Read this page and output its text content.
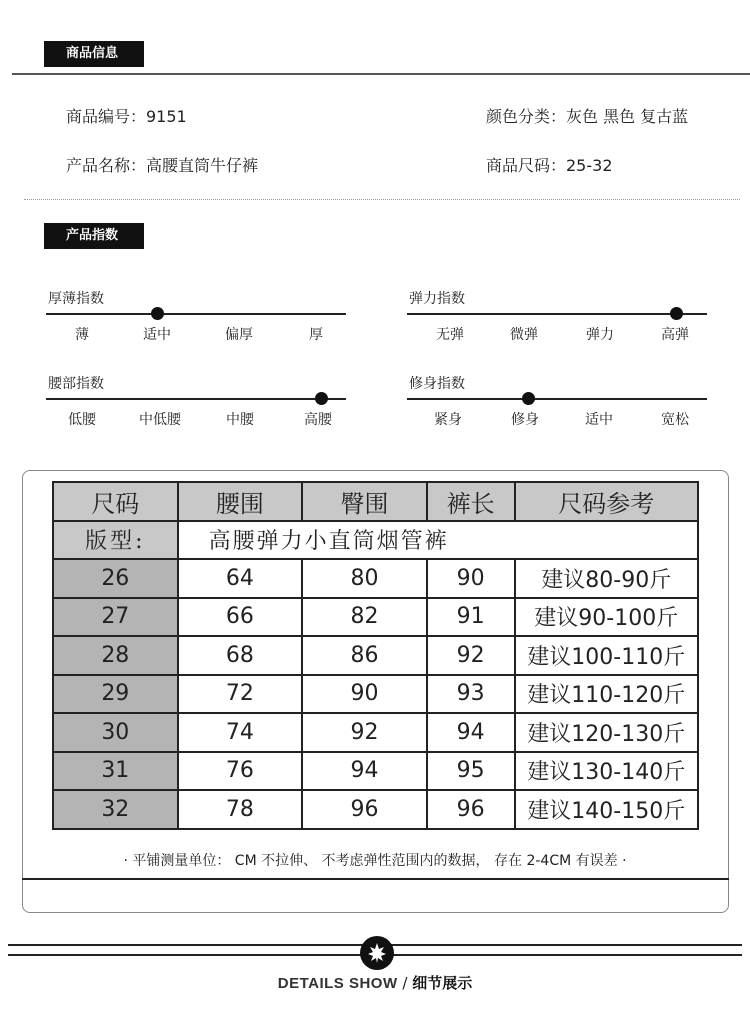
商品信息
商品编号：9151	颜色分类：灰色 黑色 复古蓝
产品名称：高腰直筒牛仔裤	商品尺码：25-32
产品指数
厚薄指数
薄	适中	偏厚	厚
弹力指数
无弹	微弹	弹力	高弹
腰部指数
低腰	中低腰	中腰	高腰
修身指数
紧身	修身	适中	宽松
尺码	腰围	臀围	裤长	尺码参考
版型:	高腰弹力小直筒烟管裤			
26	64	80	90	建议80-90斤
27	66	82	91	建议90-100斤
28	68	86	92	建议100-110斤
29	72	90	93	建议110-120斤
30	74	92	94	建议120-130斤
31	76	94	95	建议130-140斤
32	78	96	96	建议140-150斤
· 平铺测量单位： CM 不拉伸、 不考虑弹性范围内的数据， 存在 2-4CM 有误差 ·
DETAILS SHOW / 细节展示
